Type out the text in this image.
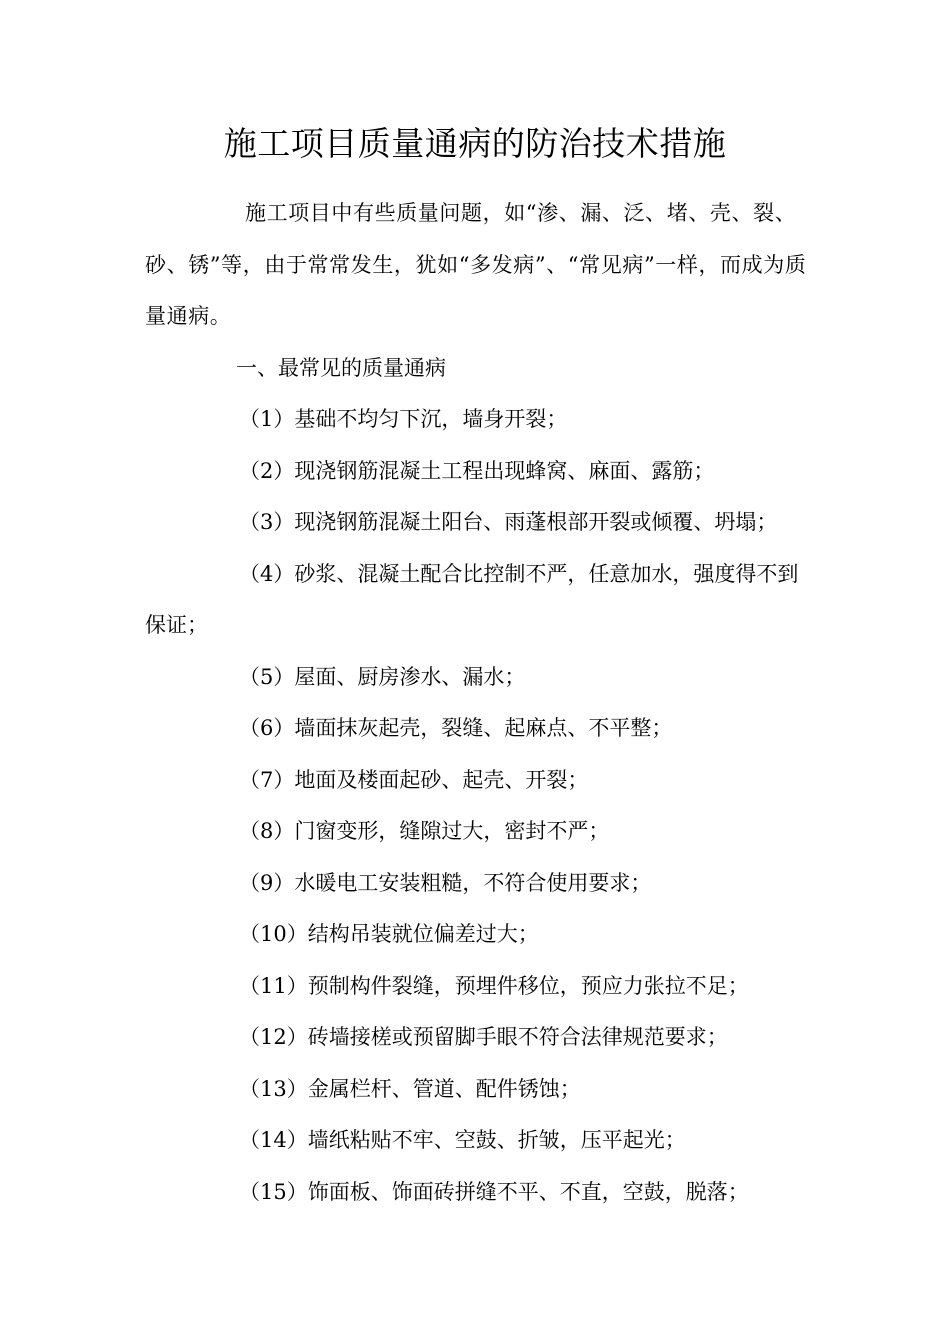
施工项目质量通病的防治技术措施

施工项目中有些质量问题，如“渗、漏、泛、堵、壳、裂、砂、锈”等，由于常常发生，犹如“多发病”、“常见病”一样，而成为质量通病。

一、最常见的质量通病

（1）基础不均匀下沉，墙身开裂；
（2）现浇钢筋混凝土工程出现蜂窝、麻面、露筋；
（3）现浇钢筋混凝土阳台、雨蓬根部开裂或倾覆、坍塌；
（4）砂浆、混凝土配合比控制不严，任意加水，强度得不到保证；
（5）屋面、厨房渗水、漏水；
（6）墙面抹灰起壳，裂缝、起麻点、不平整；
（7）地面及楼面起砂、起壳、开裂；
（8）门窗变形，缝隙过大，密封不严；
（9）水暖电工安装粗糙，不符合使用要求；
（10）结构吊装就位偏差过大；
（11）预制构件裂缝，预埋件移位，预应力张拉不足；
（12）砖墙接槎或预留脚手眼不符合法律规范要求；
（13）金属栏杆、管道、配件锈蚀；
（14）墙纸粘贴不牢、空鼓、折皱，压平起光；
（15）饰面板、饰面砖拼缝不平、不直，空鼓，脱落；
